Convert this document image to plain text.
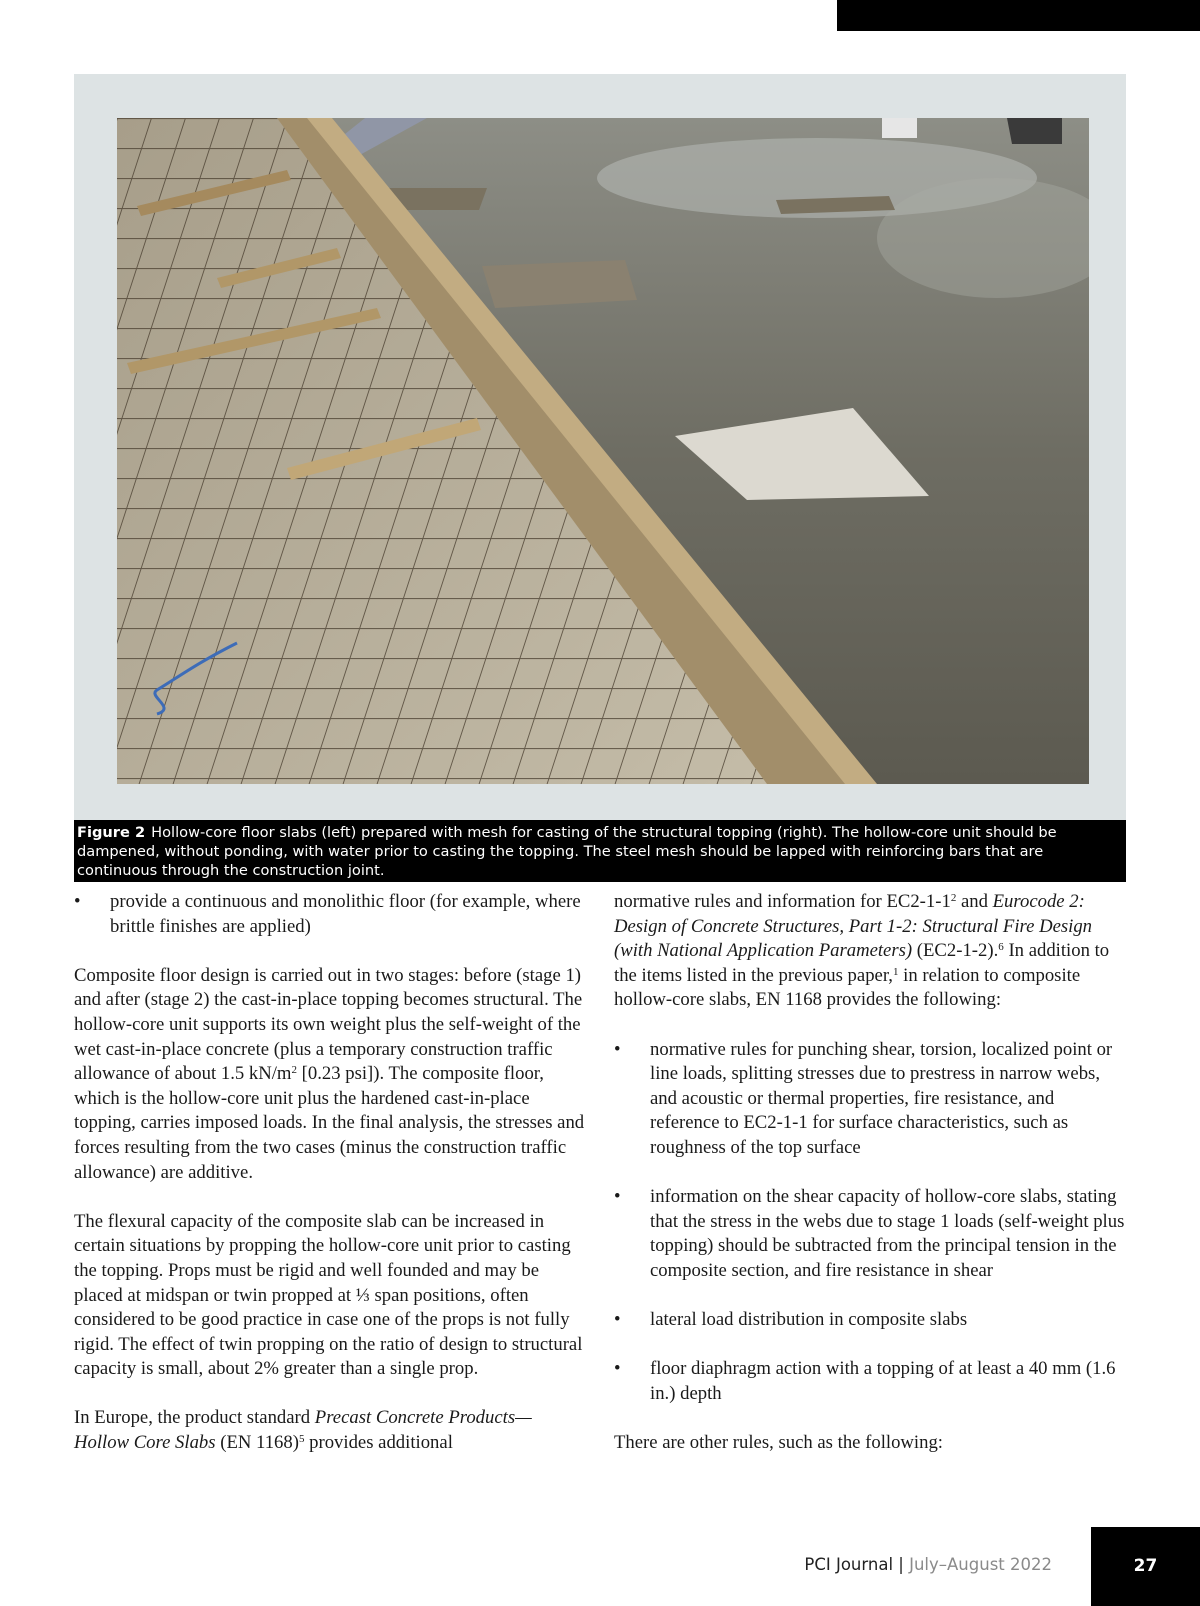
Figure 2 Hollow-core floor slabs (left) prepared with mesh for casting of the structural topping (right). The hollow-core unit should be dampened, without ponding, with water prior to casting the topping. The steel mesh should be lapped with reinforcing bars that are continuous through the construction joint.

• provide a continuous and monolithic floor (for example, where brittle finishes are applied)

Composite floor design is carried out in two stages: before (stage 1) and after (stage 2) the cast-in-place topping becomes structural. The hollow-core unit supports its own weight plus the self-weight of the wet cast-in-place concrete (plus a temporary construction traffic allowance of about 1.5 $kN/m^2$ [0.23 psi]). The composite floor, which is the hollow-core unit plus the hardened cast-in-place topping, carries imposed loads. In the final analysis, the stresses and forces resulting from the two cases (minus the construction traffic allowance) are additive.

The flexural capacity of the composite slab can be increased in certain situations by propping the hollow-core unit prior to casting the topping. Props must be rigid and well founded and may be placed at midspan or twin propped at ⅓ span positions, often considered to be good practice in case one of the props is not fully rigid. The effect of twin propping on the ratio of design to structural capacity is small, about 2% greater than a single prop.

In Europe, the product standard Precast Concrete Products—Hollow Core Slabs (EN 1168)$^5$ provides additional

normative rules and information for $EC2-1-1^2$ and Eurocode 2: Design of Concrete Structures, Part 1-2: Structural Fire Design (with National Application Parameters) (EC2-1-2).$^6$ In addition to the items listed in the previous paper,$^1$ in relation to composite hollow-core slabs, EN 1168 provides the following:

• normative rules for punching shear, torsion, localized point or line loads, splitting stresses due to prestress in narrow webs, and acoustic or thermal properties, fire resistance, and reference to EC2-1-1 for surface characteristics, such as roughness of the top surface

• information on the shear capacity of hollow-core slabs, stating that the stress in the webs due to stage 1 loads (self-weight plus topping) should be subtracted from the principal tension in the composite section, and fire resistance in shear

• lateral load distribution in composite slabs

• floor diaphragm action with a topping of at least a 40 mm (1.6 in.) depth

There are other rules, such as the following:

PCI Journal | July–August 2022	27
